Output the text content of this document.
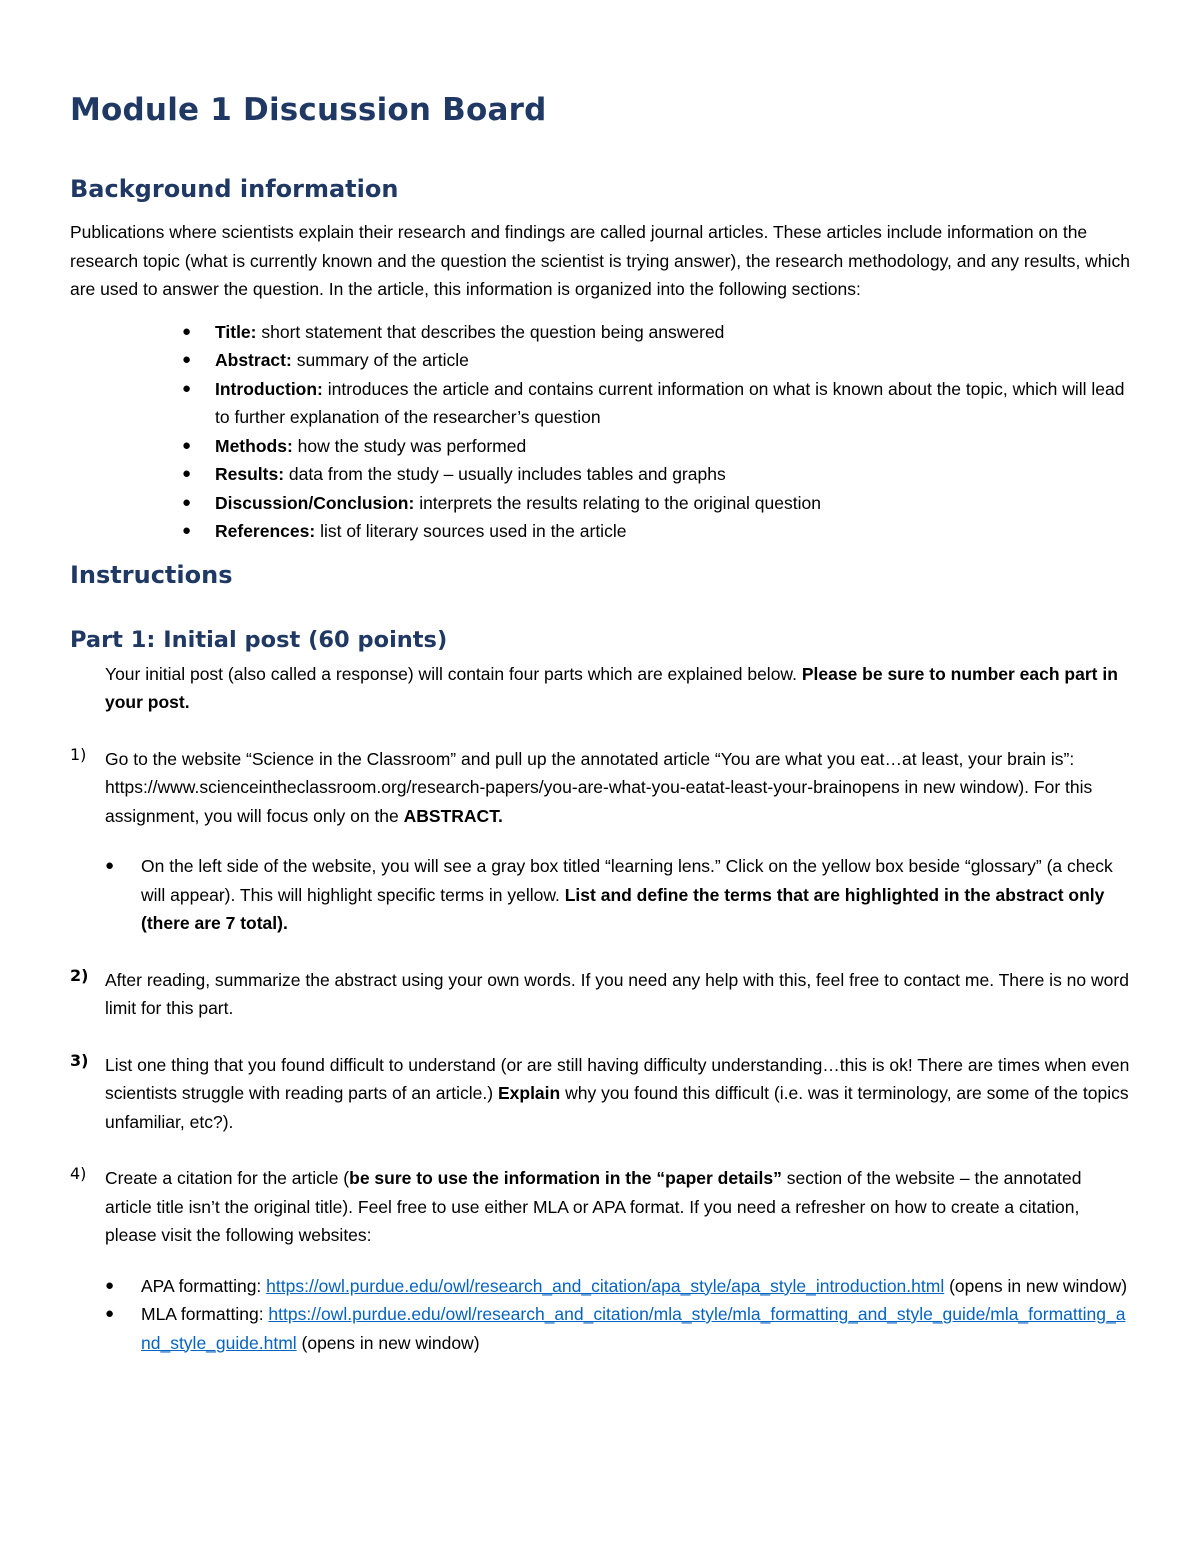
Module 1 Discussion Board
Background information

Publications where scientists explain their research and findings are called journal articles. These articles include information on the research topic (what is currently known and the question the scientist is trying answer), the research methodology, and any results, which are used to answer the question. In the article, this information is organized into the following sections:

● Title: short statement that describes the question being answered
● Abstract: summary of the article
● Introduction: introduces the article and contains current information on what is known about the topic, which will lead to further explanation of the researcher’s question
● Methods: how the study was performed
● Results: data from the study – usually includes tables and graphs
● Discussion/Conclusion: interprets the results relating to the original question
● References: list of literary sources used in the article
Instructions
Part 1: Initial post (60 points)

Your initial post (also called a response) will contain four parts which are explained below. Please be sure to number each part in your post.

1) Go to the website “Science in the Classroom” and pull up the annotated article “You are what you eat…at least, your brain is”: https://www.scienceintheclassroom.org/research-papers/you-are-what-you-eatat-least-your-brainopens in new window). For this assignment, you will focus only on the ABSTRACT.

● On the left side of the website, you will see a gray box titled “learning lens.” Click on the yellow box beside “glossary” (a check will appear). This will highlight specific terms in yellow. List and define the terms that are highlighted in the abstract only (there are 7 total).
2) After reading, summarize the abstract using your own words. If you need any help with this, feel free to contact me. There is no word limit for this part.

3) List one thing that you found difficult to understand (or are still having difficulty understanding…this is ok! There are times when even scientists struggle with reading parts of an article.) Explain why you found this difficult (i.e. was it terminology, are some of the topics unfamiliar, etc?).

4) Create a citation for the article (be sure to use the information in the “paper details” section of the website – the annotated article title isn’t the original title). Feel free to use either MLA or APA format. If you need a refresher on how to create a citation, please visit the following websites:

● APA formatting: https://owl.purdue.edu/owl/research_and_citation/apa_style/apa_style_introduction.html (opens in new window)
● MLA formatting: https://owl.purdue.edu/owl/research_and_citation/mla_style/mla_formatting_and_style_guide/mla_formatting_and_style_guide.html (opens in new window)
